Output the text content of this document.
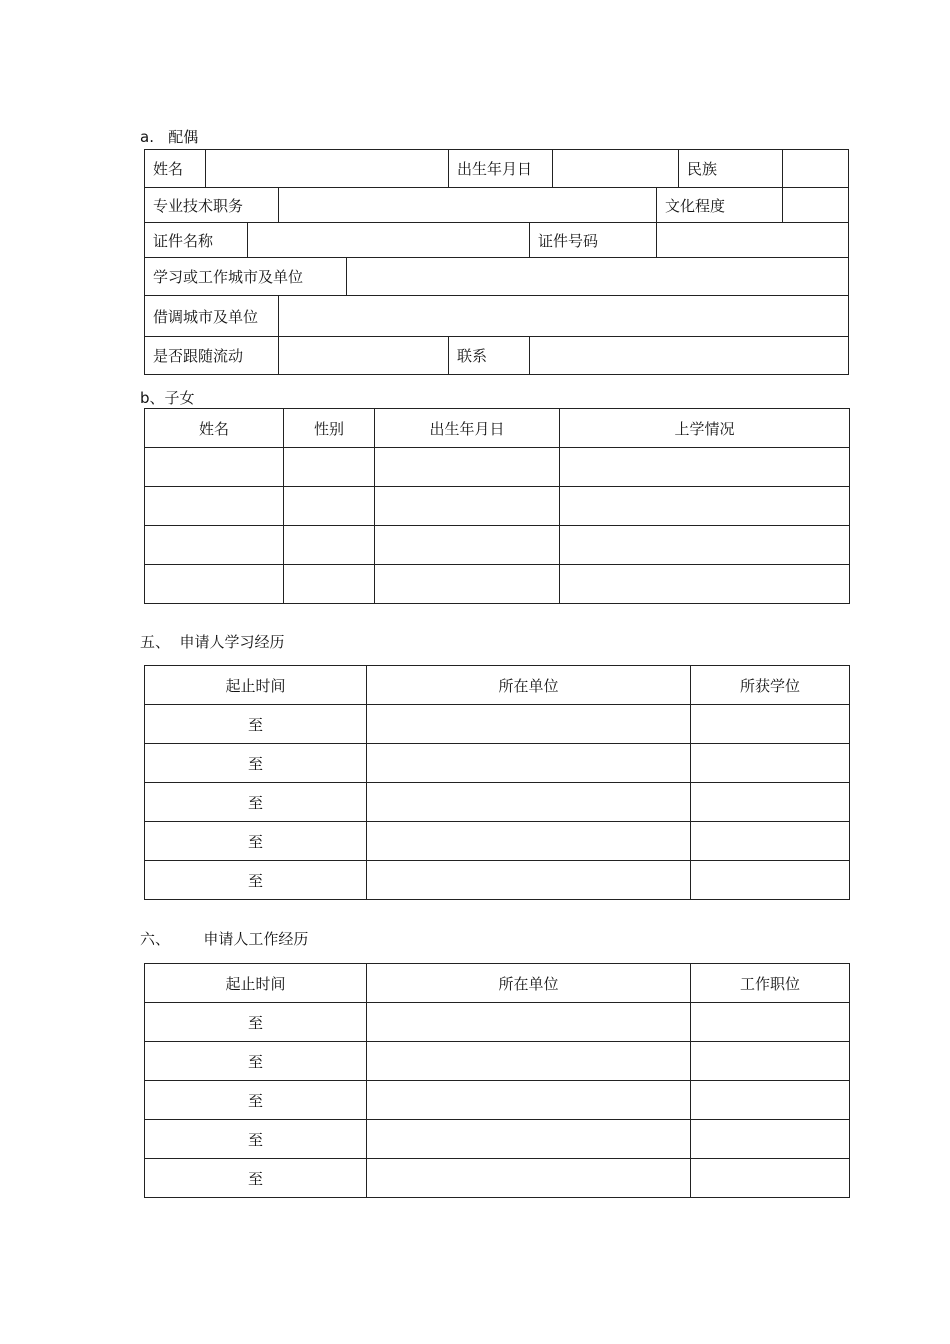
a.   配偶
姓名					出生年月日				民族	
专业技术职务								文化程度		
证件名称						证件号码				
学习或工作城市及单位										
借调城市及单位										
是否跟随流动					联系					
b、子女
姓名	性别	出生年月日	上学情况

五、  申请人学习经历
起止时间	所在单位	所获学位
至		
至		
至		
至		
至		
六、       申请人工作经历
起止时间	所在单位	工作职位
至		
至		
至		
至		
至		
